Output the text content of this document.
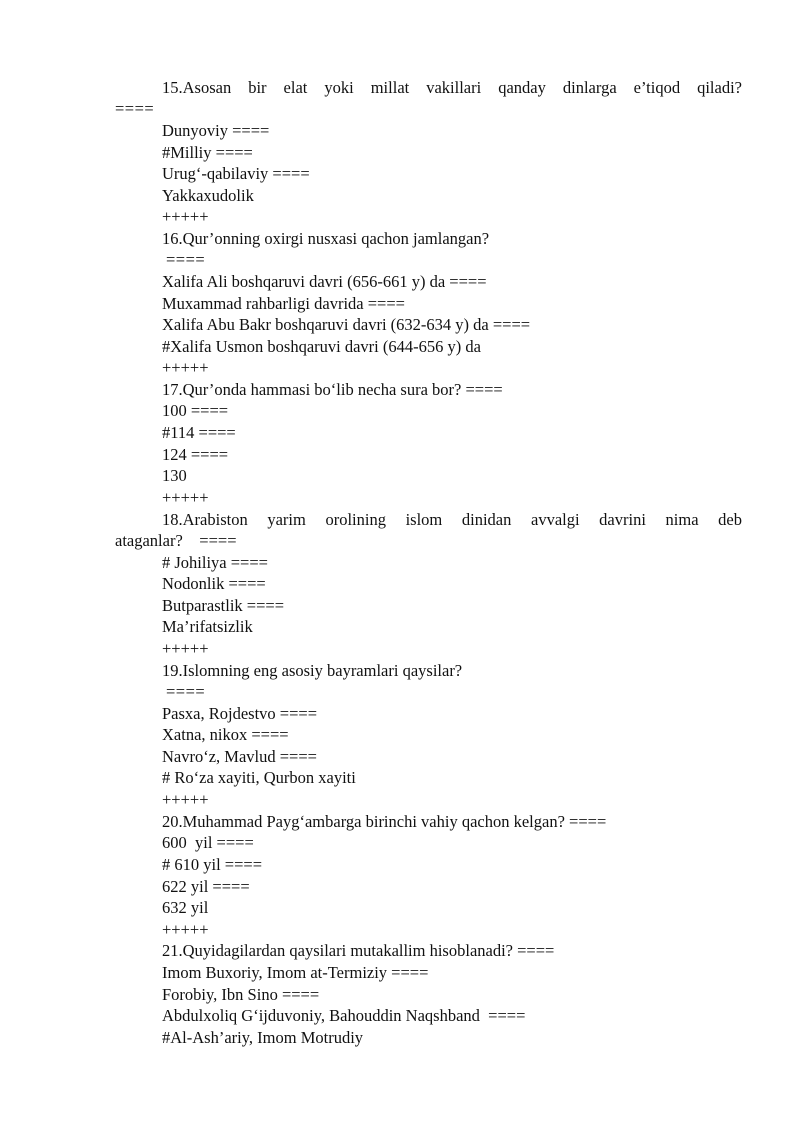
15.Asosan bir elat yoki millat vakillari qanday dinlarga e’tiqod qiladi?
====
Dunyoviy ====
#Milliy ====
Urug‘-qabilaviy ====
Yakkaxudolik
+++++
16.Qur’onning oxirgi nusxasi qachon jamlangan?
====
Xalifa Ali boshqaruvi davri (656-661 y) da ====
Muxammad rahbarligi davrida ====
Xalifa Abu Bakr boshqaruvi davri (632-634 y) da ====
#Xalifa Usmon boshqaruvi davri (644-656 y) da
+++++
17.Qur’onda hammasi bo‘lib necha sura bor? ====
100 ====
#114 ====
124 ====
130
+++++
18.Arabiston yarim orolining islom dinidan avvalgi davrini nima deb
ataganlar?    ====
# Johiliya ====
Nodonlik ====
Butparastlik ====
Ma’rifatsizlik
+++++
19.Islomning eng asosiy bayramlari qaysilar?
====
Pasxa, Rojdestvo ====
Xatna, nikox ====
Navro‘z, Mavlud ====
# Ro‘za xayiti, Qurbon xayiti
+++++
20.Muhammad Payg‘ambarga birinchi vahiy qachon kelgan? ====
600  yil ====
# 610 yil ====
622 yil ====
632 yil
+++++
21.Quyidagilardan qaysilari mutakallim hisoblanadi? ====
Imom Buxoriy, Imom at-Termiziy ====
Forobiy, Ibn Sino ====
Abdulxoliq G‘ijduvoniy, Bahouddin Naqshband  ====
#Al-Ash’ariy, Imom Motrudiy
